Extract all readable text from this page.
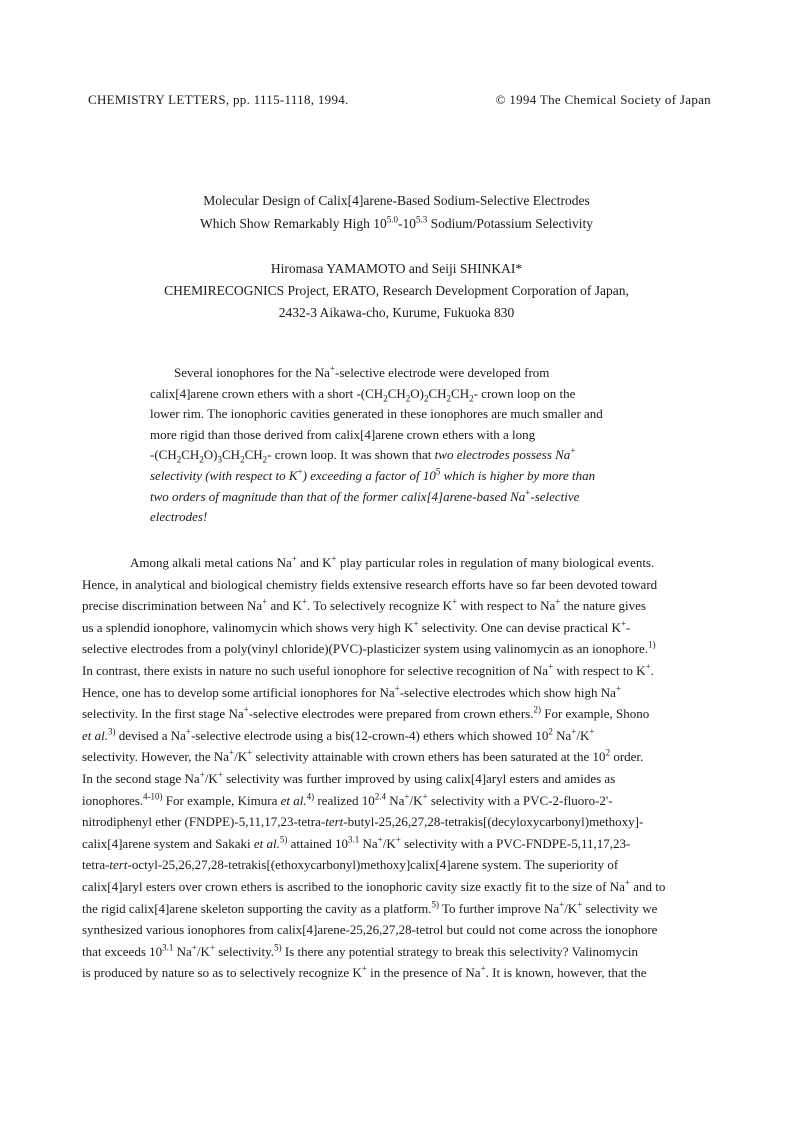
CHEMISTRY LETTERS, pp. 1115-1118, 1994.	© 1994 The Chemical Society of Japan
Molecular Design of Calix[4]arene-Based Sodium-Selective Electrodes
Which Show Remarkably High $10^{5.0}-10^{5.3}$ Sodium/Potassium Selectivity
Hiromasa YAMAMOTO and Seiji SHINKAI*
CHEMIRECOGNICS Project, ERATO, Research Development Corporation of Japan,
2432-3 Aikawa-cho, Kurume, Fukuoka 830
Several ionophores for the Na+-selective electrode were developed from
calix[4]arene crown ethers with a short $-(CH_2CH_2O)_2CH_2CH_2-$ crown loop on the
lower rim. The ionophoric cavities generated in these ionophores are much smaller and
more rigid than those derived from calix[4]arene crown ethers with a long
$-(CH_2CH_2O)_3CH_2CH_2-$ crown loop. It was shown that two electrodes possess Na+
selectivity (with respect to K+) exceeding a factor of $10^5$ which is higher by more than
two orders of magnitude than that of the former calix[4]arene-based Na+-selective
electrodes!
Among alkali metal cations Na+ and K+ play particular roles in regulation of many biological events.
Hence, in analytical and biological chemistry fields extensive research efforts have so far been devoted toward
precise discrimination between Na+ and K+. To selectively recognize K+ with respect to Na+ the nature gives
us a splendid ionophore, valinomycin which shows very high K+ selectivity. One can devise practical K+-
selective electrodes from a poly(vinyl chloride)(PVC)-plasticizer system using valinomycin as an ionophore.$^{1)}$
In contrast, there exists in nature no such useful ionophore for selective recognition of Na+ with respect to K+.
Hence, one has to develop some artificial ionophores for Na+-selective electrodes which show high Na+
selectivity. In the first stage Na+-selective electrodes were prepared from crown ethers.$^{2)}$ For example, Shono
et al.$^{3)}$ devised a Na+-selective electrode using a bis(12-crown-4) ethers which showed $10^2$ Na+/K+
selectivity. However, the Na+/K+ selectivity attainable with crown ethers has been saturated at the $10^2$ order.
In the second stage Na+/K+ selectivity was further improved by using calix[4]aryl esters and amides as
ionophores.$^{4-10)}$ For example, Kimura et al.$^{4)}$ realized $10^{2.4}$ Na+/K+ selectivity with a PVC-2-fluoro-2'-
nitrodiphenyl ether (FNDPE)-5,11,17,23-tetra-tert-butyl-25,26,27,28-tetrakis[(decyloxycarbonyl)methoxy]-
calix[4]arene system and Sakaki et al.$^{5)}$ attained $10^{3.1}$ Na+/K+ selectivity with a PVC-FNDPE-5,11,17,23-
tetra-tert-octyl-25,26,27,28-tetrakis[(ethoxycarbonyl)methoxy]calix[4]arene system. The superiority of
calix[4]aryl esters over crown ethers is ascribed to the ionophoric cavity size exactly fit to the size of Na+ and to
the rigid calix[4]arene skeleton supporting the cavity as a platform.$^{5)}$ To further improve Na+/K+ selectivity we
synthesized various ionophores from calix[4]arene-25,26,27,28-tetrol but could not come across the ionophore
that exceeds $10^{3.1}$ Na+/K+ selectivity.$^{5)}$ Is there any potential strategy to break this selectivity? Valinomycin
is produced by nature so as to selectively recognize K+ in the presence of Na+. It is known, however, that the
